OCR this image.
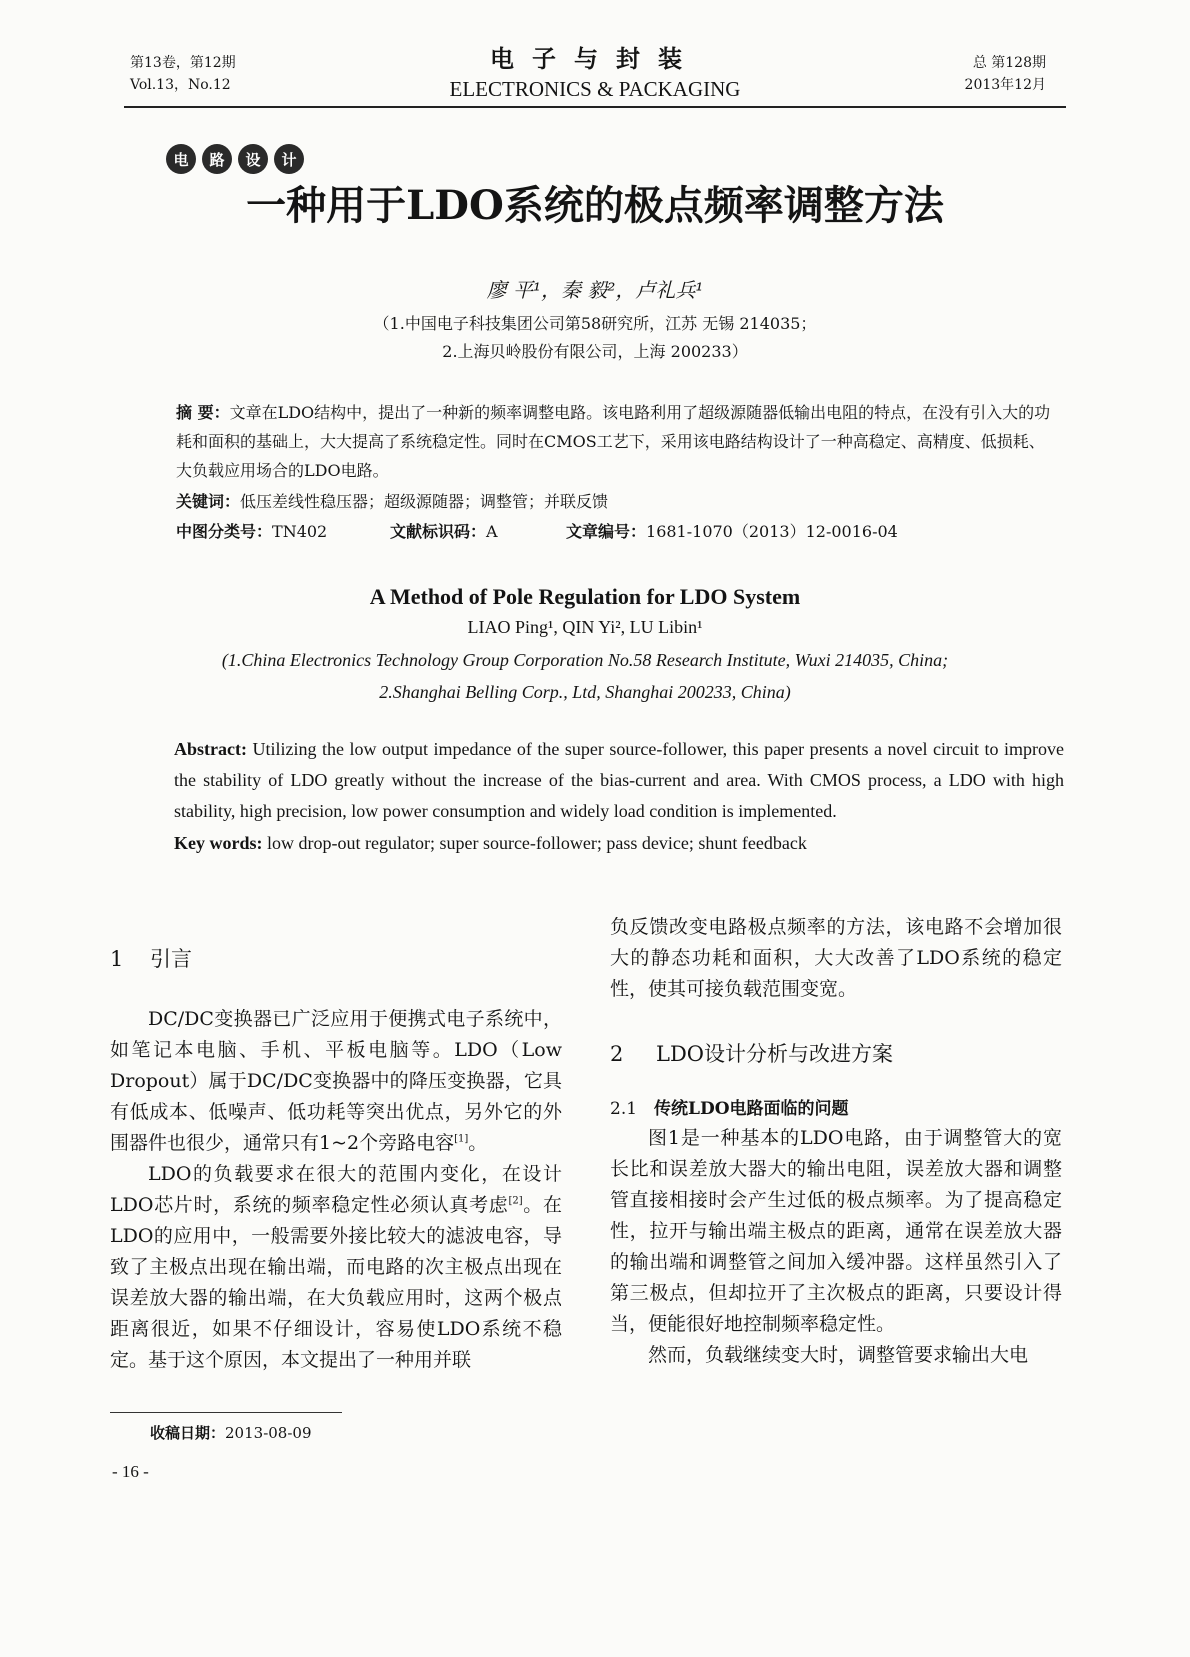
第13卷，第12期
Vol.13，No.12
电子与封装
ELECTRONICS & PACKAGING
总 第128期
2013年12月
电	路	设	计
一种用于LDO系统的极点频率调整方法
廖 平¹，秦 毅²，卢礼兵¹
（1.中国电子科技集团公司第58研究所，江苏 无锡 214035；
2.上海贝岭股份有限公司，上海 200233）
摘 要：文章在LDO结构中，提出了一种新的频率调整电路。该电路利用了超级源随器低输出电阻的特点，在没有引入大的功耗和面积的基础上，大大提高了系统稳定性。同时在CMOS工艺下，采用该电路结构设计了一种高稳定、高精度、低损耗、大负载应用场合的LDO电路。
关键词：低压差线性稳压器；超级源随器；调整管；并联反馈
中图分类号：TN402	文献标识码：A	文章编号：1681-1070（2013）12-0016-04
A Method of Pole Regulation for LDO System
LIAO Ping¹, QIN Yi², LU Libin¹
(1.China Electronics Technology Group Corporation No.58 Research Institute, Wuxi 214035, China;
2.Shanghai Belling Corp., Ltd, Shanghai 200233, China)
Abstract: Utilizing the low output impedance of the super source-follower, this paper presents a novel circuit to improve the stability of LDO greatly without the increase of the bias-current and area. With CMOS process, a LDO with high stability, high precision, low power consumption and widely load condition is implemented.
Key words: low drop-out regulator; super source-follower; pass device; shunt feedback
1 引言

DC/DC变换器已广泛应用于便携式电子系统中，如笔记本电脑、手机、平板电脑等。LDO（Low Dropout）属于DC/DC变换器中的降压变换器，它具有低成本、低噪声、低功耗等突出优点，另外它的外围器件也很少，通常只有1~2个旁路电容[1]。

LDO的负载要求在很大的范围内变化，在设计LDO芯片时，系统的频率稳定性必须认真考虑[2]。在LDO的应用中，一般需要外接比较大的滤波电容，导致了主极点出现在输出端，而电路的次主极点出现在误差放大器的输出端，在大负载应用时，这两个极点距离很近，如果不仔细设计，容易使LDO系统不稳定。基于这个原因，本文提出了一种用并联

负反馈改变电路极点频率的方法，该电路不会增加很大的静态功耗和面积，大大改善了LDO系统的稳定性，使其可接负载范围变宽。

2 LDO设计分析与改进方案
2.1 传统LDO电路面临的问题

图1是一种基本的LDO电路，由于调整管大的宽长比和误差放大器大的输出电阻，误差放大器和调整管直接相接时会产生过低的极点频率。为了提高稳定性，拉开与输出端主极点的距离，通常在误差放大器的输出端和调整管之间加入缓冲器。这样虽然引入了第三极点，但却拉开了主次极点的距离，只要设计得当，便能很好地控制频率稳定性。

然而，负载继续变大时，调整管要求输出大电

收稿日期：2013-08-09
- 16 -
